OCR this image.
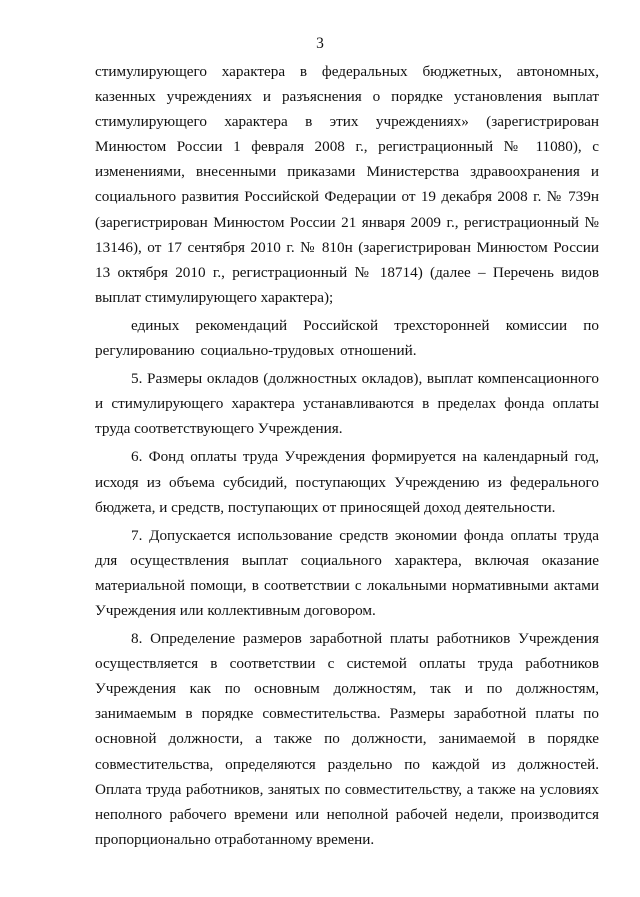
3

стимулирующего характера в федеральных бюджетных, автономных, казенных учреждениях и разъяснения о порядке установления выплат стимулирующего характера в этих учреждениях» (зарегистрирован Минюстом России 1 февраля 2008 г., регистрационный № 11080), с изменениями, внесенными приказами Министерства здравоохранения и социального развития Российской Федерации от 19 декабря 2008 г. № 739н (зарегистрирован Минюстом России 21 января 2009 г., регистрационный № 13146), от 17 сентября 2010 г. № 810н (зарегистрирован Минюстом России 13 октября 2010 г., регистрационный № 18714) (далее – Перечень видов выплат стимулирующего характера);

единых рекомендаций Российской трехсторонней комиссии по регулированию социально-трудовых отношений.

5. Размеры окладов (должностных окладов), выплат компенсационного и стимулирующего характера устанавливаются в пределах фонда оплаты труда соответствующего Учреждения.

6. Фонд оплаты труда Учреждения формируется на календарный год, исходя из объема субсидий, поступающих Учреждению из федерального бюджета, и средств, поступающих от приносящей доход деятельности.

7. Допускается использование средств экономии фонда оплаты труда для осуществления выплат социального характера, включая оказание материальной помощи, в соответствии с локальными нормативными актами Учреждения или коллективным договором.

8. Определение размеров заработной платы работников Учреждения осуществляется в соответствии с системой оплаты труда работников Учреждения как по основным должностям, так и по должностям, занимаемым в порядке совместительства. Размеры заработной платы по основной должности, а также по должности, занимаемой в порядке совместительства, определяются раздельно по каждой из должностей. Оплата труда работников, занятых по совместительству, а также на условиях неполного рабочего времени или неполной рабочей недели, производится пропорционально отработанному времени.
